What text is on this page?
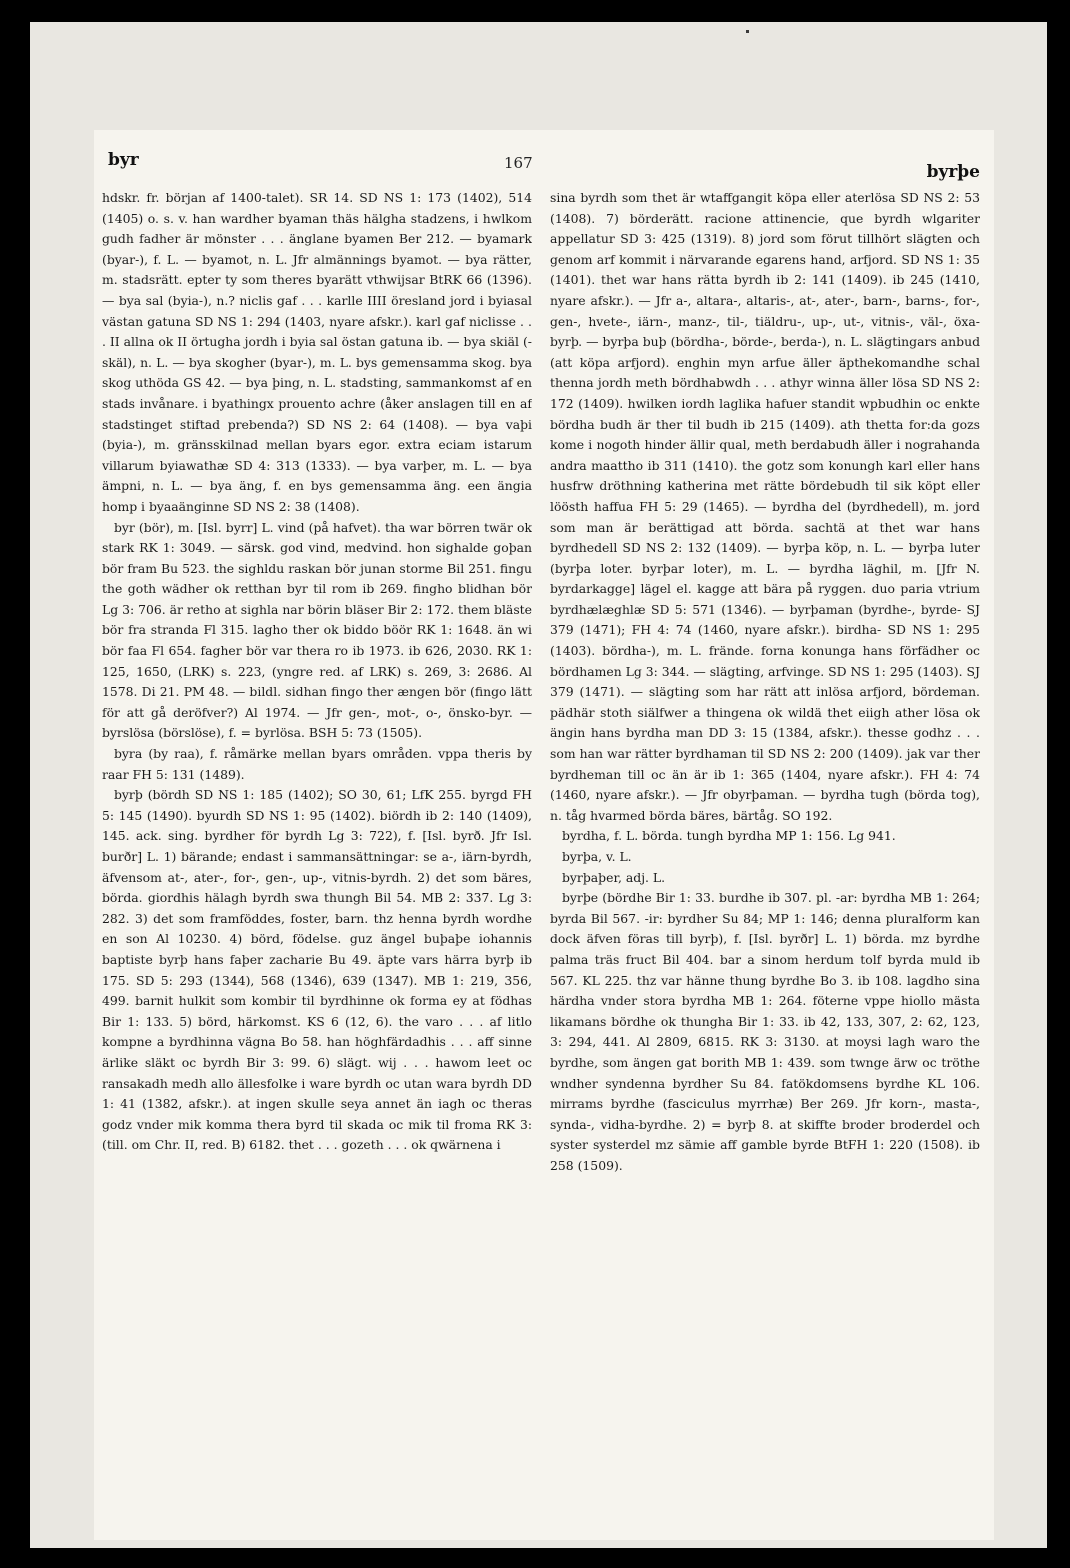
byr	167	byrþe

hdskr. fr. början af 1400-talet). SR 14. SD NS 1: 173 (1402), 514 (1405) o. s. v. han wardher byaman thäs hälgha stadzens, i hwlkom gudh fadher är mönster . . . änglane byamen Ber 212. — byamark (byar-), f. L. — byamot, n. L. Jfr almännings byamot. — bya rätter, m. stadsrätt. epter ty som theres byarätt vthwijsar BtRK 66 (1396). — bya sal (byia-), n.? niclis gaf . . . karlle IIII öresland jord i byiasal västan gatuna SD NS 1: 294 (1403, nyare afskr.). karl gaf niclisse . . . II allna ok II örtugha jordh i byia sal östan gatuna ib. — bya skiäl (-skäl), n. L. — bya skogher (byar-), m. L. bys gemensamma skog. bya skog uthöda GS 42. — bya þing, n. L. stadsting, sammankomst af en stads invånare. i byathingx prouento achre (åker anslagen till en af stadstinget stiftad prebenda?) SD NS 2: 64 (1408). — bya vaþi (byia-), m. gränsskilnad mellan byars egor. extra eciam istarum villarum byiawathæ SD 4: 313 (1333). — bya varþer, m. L. — bya ämpni, n. L. — bya äng, f. en bys gemensamma äng. een ängia homp i byaaänginne SD NS 2: 38 (1408).

byr (bör), m. [Isl. byrr] L. vind (på hafvet). tha war börren twär ok stark RK 1: 3049. — särsk. god vind, medvind. hon sighalde goþan bör fram Bu 523. the sighldu raskan bör junan storme Bil 251. fingu the goth wädher ok retthan byr til rom ib 269. fingho blidhan bör Lg 3: 706. är retho at sighla nar börin bläser Bir 2: 172. them bläste bör fra stranda Fl 315. lagho ther ok biddo böör RK 1: 1648. än wi bör faa Fl 654. fagher bör var thera ro ib 1973. ib 626, 2030. RK 1: 125, 1650, (LRK) s. 223, (yngre red. af LRK) s. 269, 3: 2686. Al 1578. Di 21. PM 48. — bildl. sidhan fingo ther ængen bör (fingo lätt för att gå deröfver?) Al 1974. — Jfr gen-, mot-, o-, önsko-byr. — byrslösa (börslöse), f. = byrlösa. BSH 5: 73 (1505).

byra (by raa), f. råmärke mellan byars områden. vppa theris by raar FH 5: 131 (1489).

byrþ (bördh SD NS 1: 185 (1402); SO 30, 61; LfK 255. byrgd FH 5: 145 (1490). byurdh SD NS 1: 95 (1402). biördh ib 2: 140 (1409), 145. ack. sing. byrdher för byrdh Lg 3: 722), f. [Isl. byrð. Jfr Isl. burðr] L. 1) bärande; endast i sammansättningar: se a-, iärn-byrdh, äfvensom at-, ater-, for-, gen-, up-, vitnis-byrdh. 2) det som bäres, börda. giordhis hälagh byrdh swa thungh Bil 54. MB 2: 337. Lg 3: 282. 3) det som framföddes, foster, barn. thz henna byrdh wordhe en son Al 10230. 4) börd, födelse. guz ängel buþaþe iohannis baptiste byrþ hans faþer zacharie Bu 49. äpte vars härra byrþ ib 175. SD 5: 293 (1344), 568 (1346), 639 (1347). MB 1: 219, 356, 499. barnit hulkit som kombir til byrdhinne ok forma ey at födhas Bir 1: 133. 5) börd, härkomst. KS 6 (12, 6). the varo . . . af litlo kompne a byrdhinna vägna Bo 58. han höghfärdadhis . . . aff sinne ärlike släkt oc byrdh Bir 3: 99. 6) slägt. wij . . . hawom leet oc ransakadh medh allo ällesfolke i ware byrdh oc utan wara byrdh DD 1: 41 (1382, afskr.). at ingen skulle seya annet än iagh oc theras godz vnder mik komma thera byrd til skada oc mik til froma RK 3: (till. om Chr. II, red. B) 6182. thet . . . gozeth . . . ok qwärnena i

sina byrdh som thet är wtaffgangit köpa eller aterlösa SD NS 2: 53 (1408). 7) börderätt. racione attinencie, que byrdh wlgariter appellatur SD 3: 425 (1319). 8) jord som förut tillhört slägten och genom arf kommit i närvarande egarens hand, arfjord. SD NS 1: 35 (1401). thet war hans rätta byrdh ib 2: 141 (1409). ib 245 (1410, nyare afskr.). — Jfr a-, altara-, altaris-, at-, ater-, barn-, barns-, for-, gen-, hvete-, iärn-, manz-, til-, tiäldru-, up-, ut-, vitnis-, väl-, öxa-byrþ. — byrþa buþ (bördha-, börde-, berda-), n. L. slägtingars anbud (att köpa arfjord). enghin myn arfue äller äpthekomandhe schal thenna jordh meth bördhabwdh . . . athyr winna äller lösa SD NS 2: 172 (1409). hwilken iordh laglika hafuer standit wpbudhin oc enkte bördha budh är ther til budh ib 215 (1409). ath thetta for:da gozs kome i nogoth hinder ällir qual, meth berdabudh äller i nograhanda andra maattho ib 311 (1410). the gotz som konungh karl eller hans husfrw dröthning katherina met rätte bördebudh til sik köpt eller löösth haffua FH 5: 29 (1465). — byrdha del (byrdhedell), m. jord som man är berättigad att börda. sachtä at thet war hans byrdhedell SD NS 2: 132 (1409). — byrþa köp, n. L. — byrþa luter (byrþa loter. byrþar loter), m. L. — byrdha läghil, m. [Jfr N. byrdarkagge] lägel el. kagge att bära på ryggen. duo paria vtrium byrdhælæghlæ SD 5: 571 (1346). — byrþaman (byrdhe-, byrde- SJ 379 (1471); FH 4: 74 (1460, nyare afskr.). birdha- SD NS 1: 295 (1403). bördha-), m. L. frände. forna konunga hans förfädher oc bördhamen Lg 3: 344. — slägting, arfvinge. SD NS 1: 295 (1403). SJ 379 (1471). — slägting som har rätt att inlösa arfjord, bördeman. pädhär stoth siälfwer a thingena ok wildä thet eiigh ather lösa ok ängin hans byrdha man DD 3: 15 (1384, afskr.). thesse godhz . . . som han war rätter byrdhaman til SD NS 2: 200 (1409). jak var ther byrdheman till oc än är ib 1: 365 (1404, nyare afskr.). FH 4: 74 (1460, nyare afskr.). — Jfr obyrþaman. — byrdha tugh (börda tog), n. tåg hvarmed börda bäres, bärtåg. SO 192.

byrdha, f. L. börda. tungh byrdha MP 1: 156. Lg 941.

byrþa, v. L.

byrþaþer, adj. L.

byrþe (bördhe Bir 1: 33. burdhe ib 307. pl. -ar: byrdha MB 1: 264; byrda Bil 567. -ir: byrdher Su 84; MP 1: 146; denna pluralform kan dock äfven föras till byrþ), f. [Isl. byrðr] L. 1) börda. mz byrdhe palma träs fruct Bil 404. bar a sinom herdum tolf byrda muld ib 567. KL 225. thz var hänne thung byrdhe Bo 3. ib 108. lagdho sina härdha vnder stora byrdha MB 1: 264. föterne vppe hiollo mästa likamans bördhe ok thungha Bir 1: 33. ib 42, 133, 307, 2: 62, 123, 3: 294, 441. Al 2809, 6815. RK 3: 3130. at moysi lagh waro the byrdhe, som ängen gat borith MB 1: 439. som twnge ärw oc tröthe wndher syndenna byrdher Su 84. fatökdomsens byrdhe KL 106. mirrams byrdhe (fasciculus myrrhæ) Ber 269. Jfr korn-, masta-, synda-, vidha-byrdhe. 2) = byrþ 8. at skiffte broder broderdel och syster systerdel mz sämie aff gamble byrde BtFH 1: 220 (1508). ib 258 (1509).
